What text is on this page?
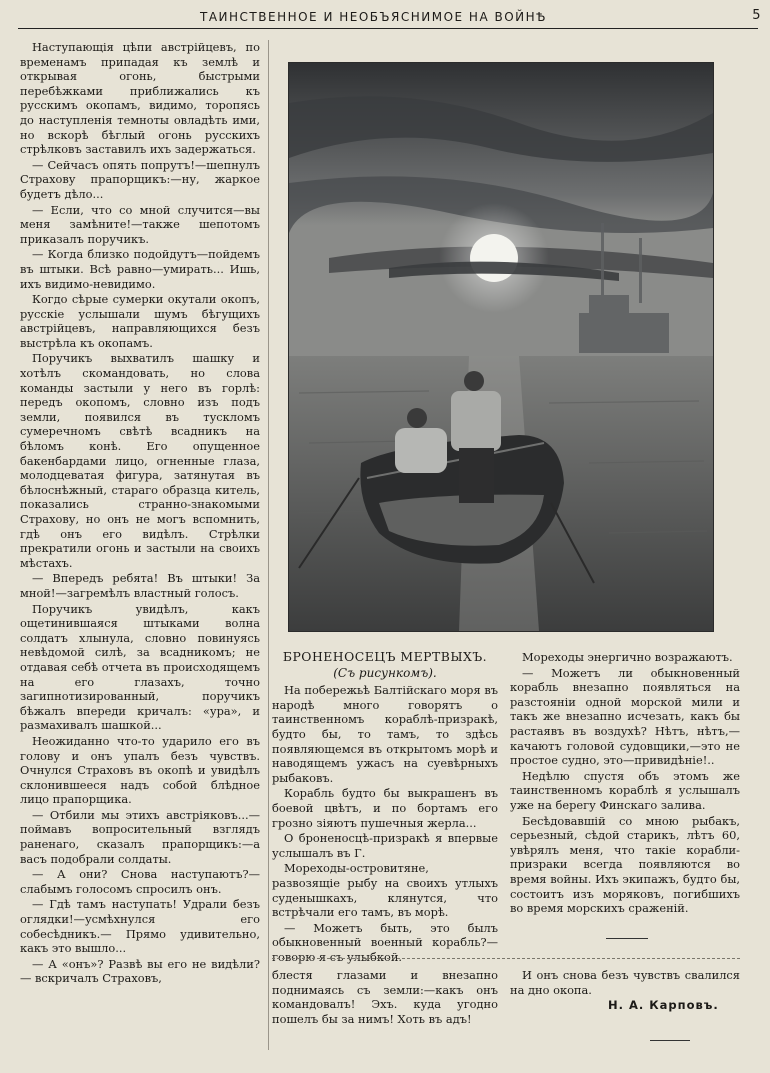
ТАИНСТВЕННОЕ И НЕОБЪЯСНИМОЕ НА ВОЙНѢ	5

Наступающія цѣпи австрійцевъ, по временамъ припадая къ землѣ и открывая огонь, быстрыми перебѣжками приближались къ русскимъ окопамъ, видимо, торопясь до наступленія темноты овладѣть ими, но вскорѣ бѣглый огонь русскихъ стрѣлковъ заставилъ ихъ задержаться.

— Сейчасъ опять попрутъ!—шепнулъ Страхову прапорщикъ:—ну, жаркое будетъ дѣло...

— Если, что со мной случится—вы меня замѣните!—также шепотомъ приказалъ поручикъ.

— Когда близко подойдутъ—пойдемъ въ штыки. Всѣ равно—умирать... Ишь, ихъ видимо-невидимо.

Когдо сѣрые сумерки окутали окопъ, русскіе услышали шумъ бѣгущихъ австрійцевъ, направляющихся безъ выстрѣла къ окопамъ.

Поручикъ выхватилъ шашку и хотѣлъ скомандовать, но слова команды застыли у него въ горлѣ: передъ окопомъ, словно изъ подъ земли, появился въ тускломъ сумеречномъ свѣтѣ всадникъ на бѣломъ конѣ. Его опущенное бакенбардами лицо, огненные глаза, молодцеватая фигура, затянутая въ бѣлоснѣжный, стараго образца китель, показались странно-знакомыми Страхову, но онъ не могъ вспомнить, гдѣ онъ его видѣлъ. Стрѣлки прекратили огонь и застыли на своихъ мѣстахъ.

— Впередъ ребята! Въ штыки! За мной!—загремѣлъ властный голосъ.

Поручикъ увидѣлъ, какъ ощетинившаяся штыками волна солдатъ хлынула, словно повинуясь невѣдомой силѣ, за всадникомъ; не отдавая себѣ отчета въ происходящемъ на его глазахъ, точно загипнотизированный, поручикъ бѣжалъ впереди кричалъ: «ура», и размахивалъ шашкой...

Неожиданно что-то ударило его въ голову и онъ упалъ безъ чувствъ. Очнулся Страховъ въ окопѣ и увидѣлъ склонившееся надъ собой блѣдное лицо прапорщика.

— Отбили мы этихъ австріяковъ...—поймавъ вопросительный взглядъ раненаго, сказалъ прапорщикъ:—а васъ подобрали солдаты.

— А они? Снова наступаютъ?—слабымъ голосомъ спросилъ онъ.

— Гдѣ тамъ наступать! Удрали безъ оглядки!—усмѣхнулся его собесѣдникъ.— Прямо удивительно, какъ это вышло...

— А «онъ»? Развѣ вы его не видѣли? — вскричалъ Страховъ,

БРОНЕНОСЕЦЪ МЕРТВЫХЪ.
(Съ рисункомъ).

На побережьѣ Балтійскаго моря въ народѣ много говорятъ о таинственномъ кораблѣ-призракѣ, будто бы, то тамъ, то здѣсь появляющемся въ открытомъ морѣ и наводящемъ ужасъ на суевѣрныхъ рыбаковъ.

Корабль будто бы выкрашенъ въ боевой цвѣтъ, и по бортамъ его грозно зіяютъ пушечныя жерла...

О броненосцѣ-призракѣ я впервые услышалъ въ Г.

Мореходы-островитяне, развозящіе рыбу на своихъ утлыхъ суденышкахъ, клянутся, что встрѣчали его тамъ, въ морѣ.

— Можетъ быть, это былъ обыкновенный военный корабль?—говорю я съ улыбкой.

Мореходы энергично возражаютъ.

— Можетъ ли обыкновенный корабль внезапно появляться на разстояніи одной морской мили и такъ же внезапно исчезать, какъ бы растаявъ въ воздухѣ? Нѣтъ, нѣтъ,—качаютъ головой судовщики,—это не простое судно, это—привидѣніе!..

Недѣлю спустя объ этомъ же таинственномъ кораблѣ я услышалъ уже на берегу Финскаго залива.

Бесѣдовавшій со мною рыбакъ, серьезный, сѣдой старикъ, лѣтъ 60, увѣрялъ меня, что такіе корабли-призраки всегда появляются во время войны. Ихъ экипажъ, будто бы, состоитъ изъ моряковъ, погибшихъ во время морскихъ сраженій.

блестя глазами и внезапно поднимаясь съ земли:—какъ онъ командовалъ! Эхъ. куда угодно пошелъ бы за нимъ! Хоть въ адъ!

И онъ снова безъ чувствъ свалился на дно окопа.

Н. А. Карповъ.
